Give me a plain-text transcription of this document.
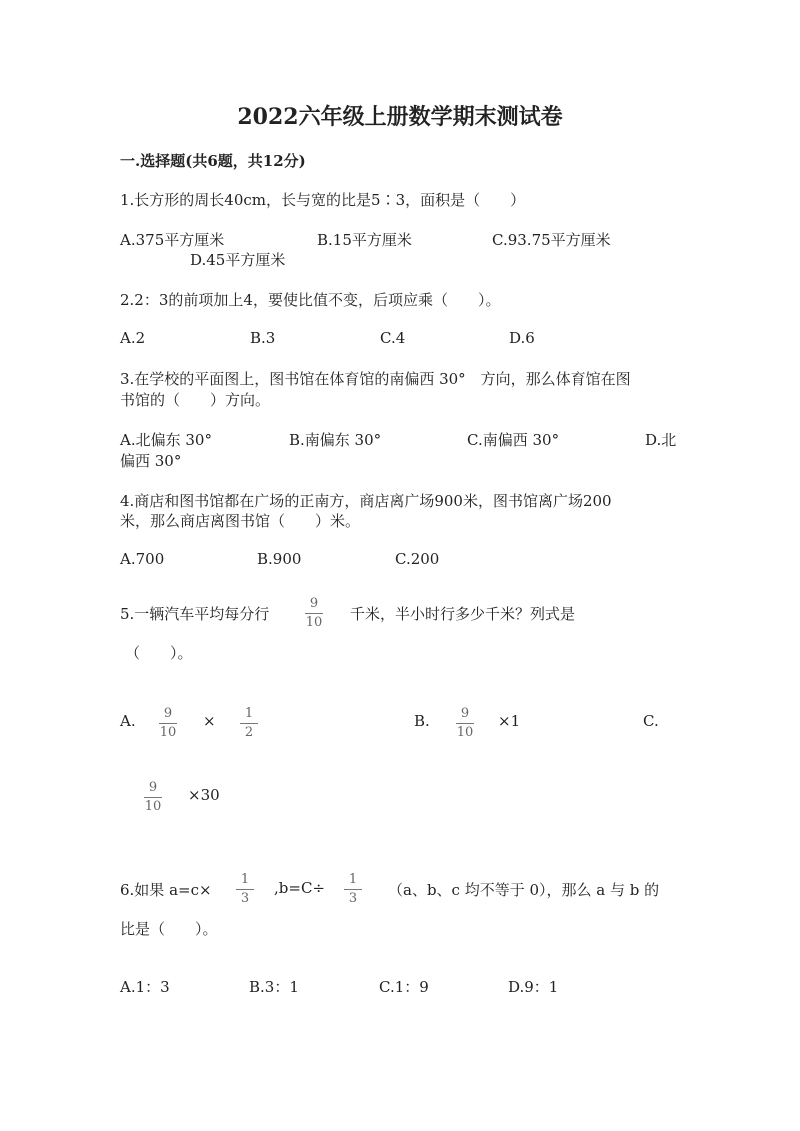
2022六年级上册数学期末测试卷
一.选择题(共6题，共12分)
1.长方形的周长40cm，长与宽的比是5∶3，面积是（　　）
A.375平方厘米	B.15平方厘米	C.93.75平方厘米
D.45平方厘米
2.2：3的前项加上4，要使比值不变，后项应乘（　　）。
A.2	B.3	C.4	D.6
3.在学校的平面图上，图书馆在体育馆的南偏西 30°　方向，那么体育馆在图
书馆的（　　）方向。
A.北偏东 30°	B.南偏东 30°	C.南偏西 30°	D.北
偏西 30°
4.商店和图书馆都在广场的正南方，商店离广场900米，图书馆离广场200
米，那么商店离图书馆（　　）米。
A.700	B.900	C.200
5.一辆汽车平均每分行
9
10 千米，半小时行多少千米？列式是
（　　）。
A. 9
10
× 1
2
B. 9
10
×1	C.
9
10
×30
6.如果 a=c×
1
3
,b=C÷ 1
3 （a、b、c 均不等于 0），那么 a 与 b 的
比是（　　）。
A.1：3	B.3：1	C.1：9	D.9：1
